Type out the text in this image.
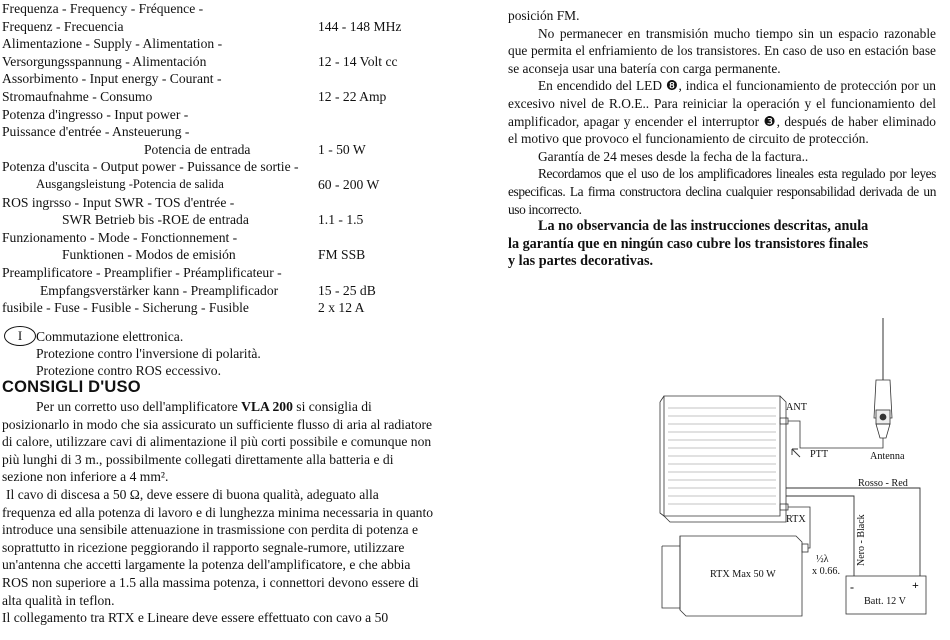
Frequenza - Frequency - Fréquence -
Frequenz - Frecuencia	144 - 148 MHz
Alimentazione - Supply - Alimentation -
Versorgungsspannung - Alimentación	12 - 14 Volt cc
Assorbimento - Input energy - Courant -
Stromaufnahme - Consumo	12 - 22 Amp
Potenza d'ingresso - Input power -
Puissance d'entrée - Ansteuerung -
Potencia de entrada	1 - 50 W
Potenza d'uscita - Output power - Puissance de sortie -
Ausgangsleistung -Potencia de salida	60 - 200 W
ROS ingrsso - Input SWR - TOS d'entrée -
SWR Betrieb bis -ROE de entrada	1.1 - 1.5
Funzionamento - Mode - Fonctionnement -
Funktionen - Modos de emisión	FM SSB
Preamplificatore - Preamplifier - Préamplificateur -
Empfangsverstärker kann - Preamplificador	15 - 25 dB
fusibile - Fuse - Fusible - Sicherung - Fusible	2 x 12 A
I	Commutazione elettronica.
Protezione contro l'inversione di polarità.
Protezione contro ROS eccessivo.
CONSIGLI D'USO

Per un corretto uso dell'amplificatore VLA 200 si consiglia di posizionarlo in modo che sia assicurato un sufficiente flusso di aria al radiatore di calore, utilizzare cavi di alimentazione il più corti possibile e comunque non più lunghi di 3 m., possibilmente collegati direttamente alla batteria e di sezione non inferiore a 4 mm².

Il cavo di discesa a 50 Ω, deve essere di buona qualità, adeguato alla frequenza ed alla potenza di lavoro e di lunghezza minima necessaria in quanto introduce una sensibile attenuazione in trasmissione con perdita di potenza e soprattutto in ricezione peggiorando il rapporto segnale-rumore, utilizzare un'antenna che accetti largamente la potenza dell'amplificatore, e che abbia ROS non superiore a 1.5 alla massima potenza, i connettori devono essere di alta qualità in teflon.

Il collegamento tra RTX e Lineare deve essere effettuato con cavo a 50

posición FM.

No permanecer en transmisión mucho tiempo sin un espacio razonable que permita el enfriamiento de los transistores. En caso de uso en estación base se aconseja usar una batería con carga permanente.

En encendido del LED ❽, indica el funcionamiento de protección por un excesivo nivel de R.O.E.. Para reiniciar la operación y el funcionamiento del amplificador, apagar y encender el interruptor ❸, después de haber eliminado el motivo que provoco el funcionamiento de circuito de protección.

Garantía de 24 meses desde la fecha de la factura..

Recordamos que el uso de los amplificadores lineales esta regulado por leyes especificas. La firma constructora declina cualquier responsabilidad derivada de un uso incorrecto.

La no observancia de las instrucciones descritas, anula la garantía que en ningún caso cubre los transistores finales y las partes decorativas.

ANT
PTT	Antenna
Rosso - Red
RTX	Nero - Black
RTX Max 50 W
½λ
x 0.66.
-	+
Batt. 12 V
